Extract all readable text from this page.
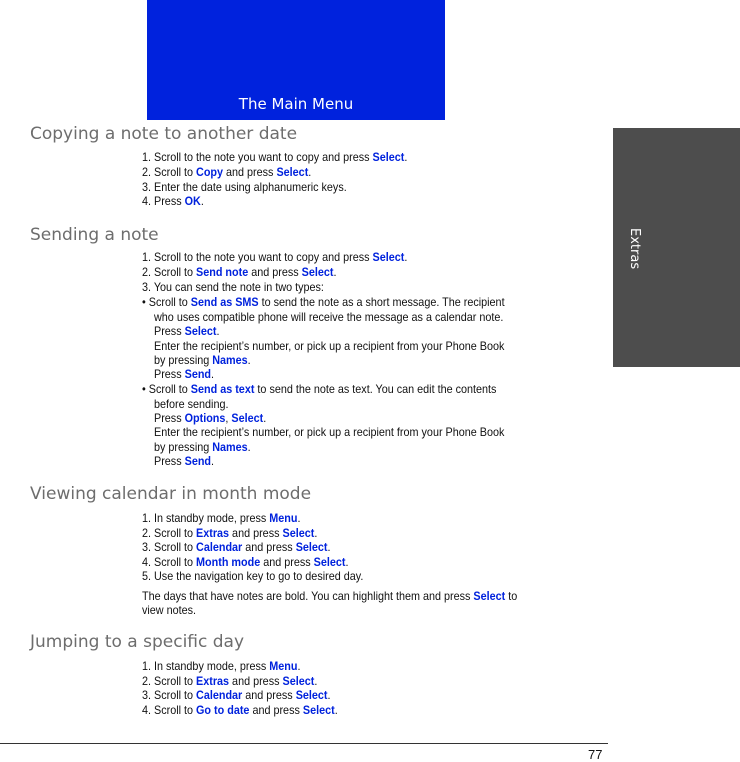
The Main Menu
Extras
Copying a note to another date
1. Scroll to the note you want to copy and press Select.
2. Scroll to Copy and press Select.
3. Enter the date using alphanumeric keys.
4. Press OK.
Sending a note
1. Scroll to the note you want to copy and press Select.
2. Scroll to Send note and press Select.
3. You can send the note in two types:
• Scroll to Send as SMS to send the note as a short message. The recipient
who uses compatible phone will receive the message as a calendar note.
Press Select.
Enter the recipient’s number, or pick up a recipient from your Phone Book
by pressing Names.
Press Send.
• Scroll to Send as text to send the note as text. You can edit the contents
before sending.
Press Options, Select.
Enter the recipient’s number, or pick up a recipient from your Phone Book
by pressing Names.
Press Send.
Viewing calendar in month mode
1. In standby mode, press Menu.
2. Scroll to Extras and press Select.
3. Scroll to Calendar and press Select.
4. Scroll to Month mode and press Select.
5. Use the navigation key to go to desired day.
The days that have notes are bold. You can highlight them and press Select to
view notes.
Jumping to a specific day
1. In standby mode, press Menu.
2. Scroll to Extras and press Select.
3. Scroll to Calendar and press Select.
4. Scroll to Go to date and press Select.
77
